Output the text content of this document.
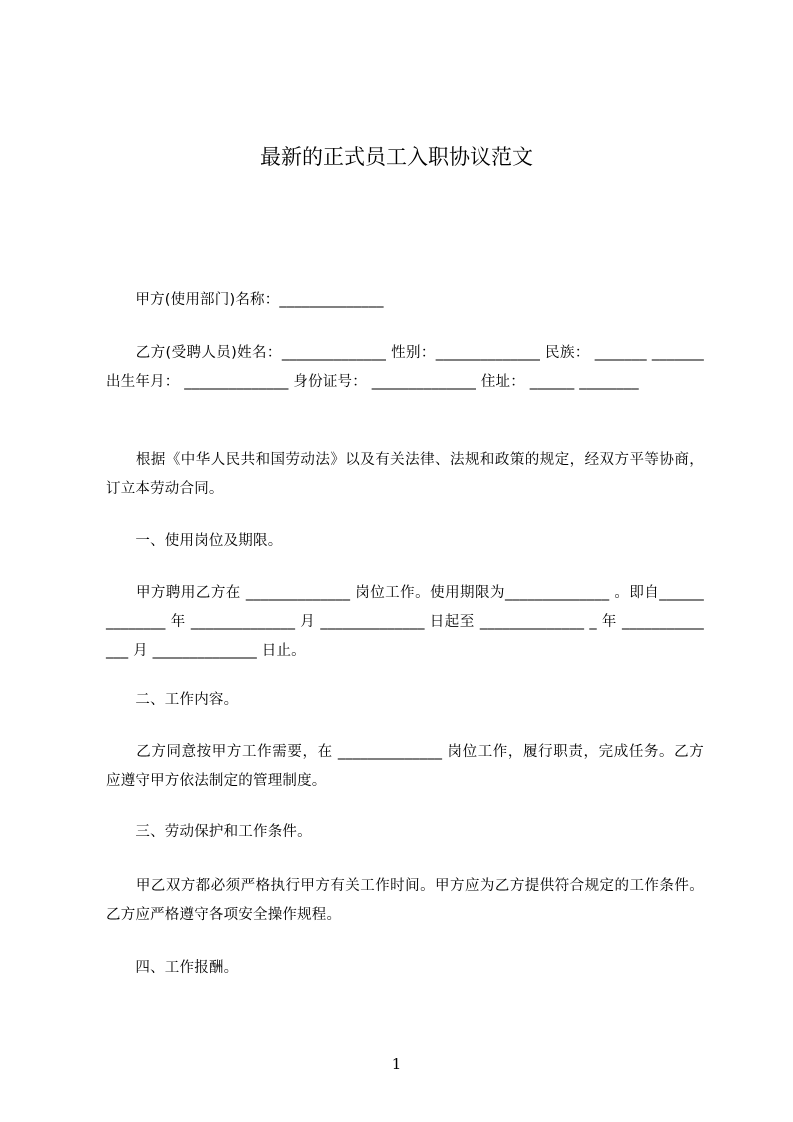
最新的正式员工入职协议范文
　　甲方(使用部门)名称：______________
　　乙方(受聘人员)姓名：______________ 性别：______________ 民族： _______ _______ 出生年月： ______________ 身份证号： ______________ 住址： ______ ________
　　根据《中华人民共和国劳动法》以及有关法律、法规和政策的规定，经双方平等协商，订立本劳动合同。
　　一、使用岗位及期限。
　　甲方聘用乙方在 ______________ 岗位工作。使用期限为______________ 。即自______________ 年 ______________ 月 ______________ 日起至 ______________ _ 年 ______________ 月 ______________ 日止。
　　二、工作内容。
　　乙方同意按甲方工作需要，在 ______________ 岗位工作，履行职责，完成任务。乙方应遵守甲方依法制定的管理制度。
　　三、劳动保护和工作条件。
　　甲乙双方都必须严格执行甲方有关工作时间。甲方应为乙方提供符合规定的工作条件。乙方应严格遵守各项安全操作规程。
　　四、工作报酬。
1
